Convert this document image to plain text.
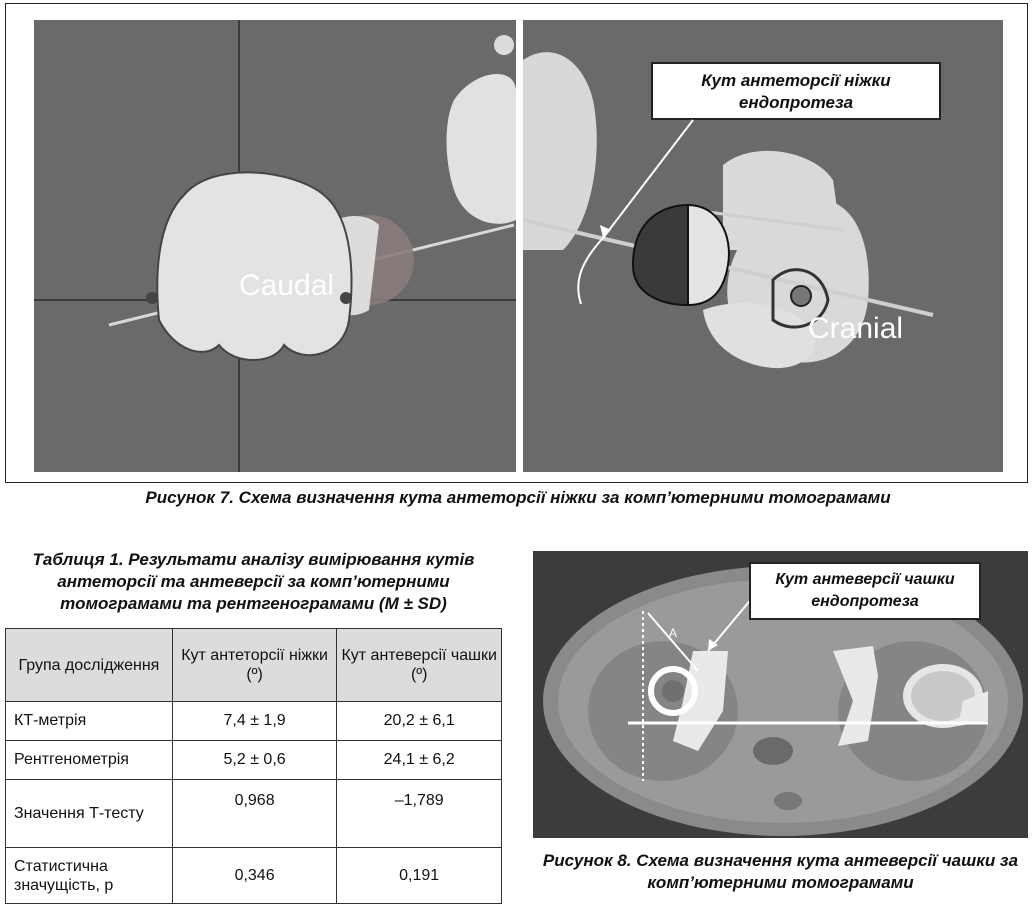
Caudal
Cranial
Кут антеторсії ніжки ендопротеза
Рисунок 7. Схема визначення кута антеторсії ніжки за комп’ютерними томограмами
Таблиця 1. Результати аналізу вимірювання кутів антеторсії та антеверсії за комп’ютерними томограмами та рентгенограмами (M ± SD)
Група дослідження	Кут антеторсії ніжки (º)	Кут антеверсії чашки (º)
КТ-метрія	7,4 ± 1,9	20,2 ± 6,1
Рентгенометрія	5,2 ± 0,6	24,1 ± 6,2
Значення Т-тесту	0,968	–1,789
Статистична значущість, p	0,346	0,191
A
Кут антеверсії чашки ендопротеза
Рисунок 8. Схема визначення кута антеверсії чашки за комп’ютерними томограмами
